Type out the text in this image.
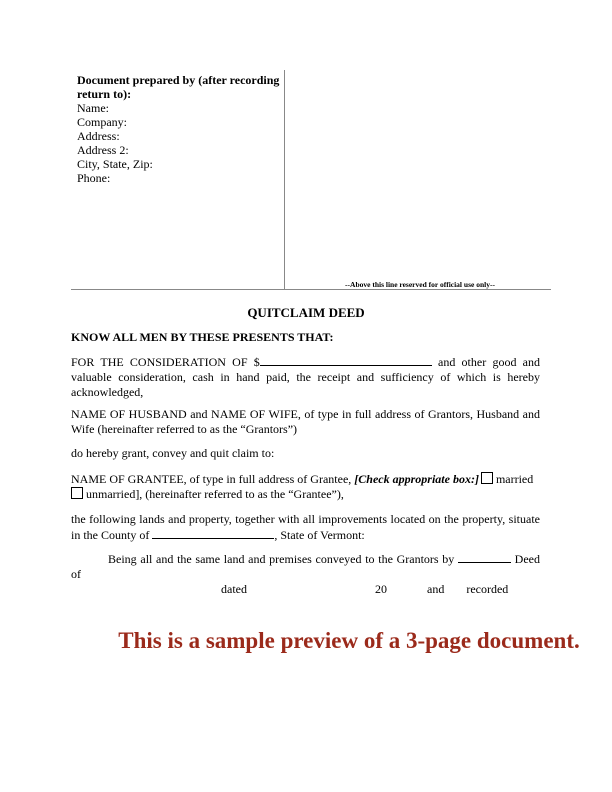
Document prepared by (after recording return to):
Name:
Company:
Address:
Address 2:
City, State, Zip:
Phone:
--Above this line reserved for official use only--
QUITCLAIM DEED
KNOW ALL MEN BY THESE PRESENTS THAT:
FOR THE CONSIDERATION OF $	and other good and valuable consideration, cash in hand paid, the receipt and sufficiency of which is hereby acknowledged,
NAME OF HUSBAND and NAME OF WIFE, of type in full address of Grantors, Husband and Wife (hereinafter referred to as the “Grantors”)
do hereby grant, convey and quit claim to:
NAME OF GRANTEE, of type in full address of Grantee, [Check appropriate box:] married
unmarried], (hereinafter referred to as the “Grantee”),
the following lands and property, together with all improvements located on the property, situate in the County of	, State of Vermont:
Being all and the same land and premises conveyed to the Grantors by	Deed of
dated	20	and recorded
This is a sample preview of a 3-page document.
